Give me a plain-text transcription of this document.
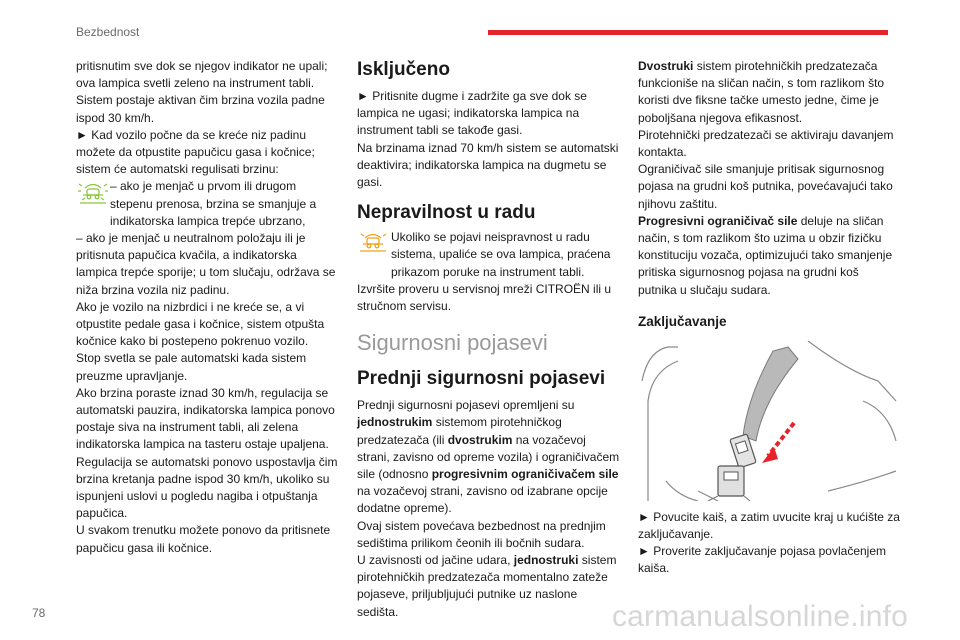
Bezbednost

pritisnutim sve dok se njegov indikator ne upali; ova lampica svetli zeleno na instrument tabli.

Sistem postaje aktivan čim brzina vozila padne ispod 30 km/h.

► Kad vozilo počne da se kreće niz padinu možete da otpustite papučicu gasa i kočnice; sistem će automatski regulisati brzinu:

– ako je menjač u prvom ili drugom stepenu prenosa, brzina se smanjuje a indikatorska lampica trepće ubrzano,

– ako je menjač u neutralnom položaju ili je pritisnuta papučica kvačila, a indikatorska lampica trepće sporije; u tom slučaju, održava se niža brzina vozila niz padinu.

Ako je vozilo na nizbrdici i ne kreće se, a vi otpustite pedale gasa i kočnice, sistem otpušta kočnice kako bi postepeno pokrenuo vozilo.

Stop svetla se pale automatski kada sistem preuzme upravljanje.

Ako brzina poraste iznad 30 km/h, regulacija se automatski pauzira, indikatorska lampica ponovo postaje siva na instrument tabli, ali zelena indikatorska lampica na tasteru ostaje upaljena.

Regulacija se automatski ponovo uspostavlja čim brzina kretanja padne ispod 30 km/h, ukoliko su ispunjeni uslovi u pogledu nagiba i otpuštanja papučica.

U svakom trenutku možete ponovo da pritisnete papučicu gasa ili kočnice.

Isključeno

► Pritisnite dugme i zadržite ga sve dok se lampica ne ugasi; indikatorska lampica na instrument tabli se takođe gasi.

Na brzinama iznad 70 km/h sistem se automatski deaktivira; indikatorska lampica na dugmetu se gasi.

Nepravilnost u radu

Ukoliko se pojavi neispravnost u radu sistema, upaliće se ova lampica, praćena prikazom poruke na instrument tabli.

Izvršite proveru u servisnoj mreži CITROËN ili u stručnom servisu.

Sigurnosni pojasevi
Prednji sigurnosni pojasevi

Prednji sigurnosni pojasevi opremljeni su jednostrukim sistemom pirotehničkog predzatezača (ili dvostrukim na vozačevoj strani, zavisno od opreme vozila) i ograničivačem sile (odnosno progresivnim ograničivačem sile na vozačevoj strani, zavisno od izabrane opcije dodatne opreme).

Ovaj sistem povećava bezbednost na prednjim sedištima prilikom čeonih ili bočnih sudara.

U zavisnosti od jačine udara, jednostruki sistem pirotehničkih predzatezača momentalno zateže pojaseve, priljubljujući putnike uz naslone sedišta.

Dvostruki sistem pirotehničkih predzatezača funkcioniše na sličan način, s tom razlikom što koristi dve fiksne tačke umesto jedne, čime je poboljšana njegova efikasnost.

Pirotehnički predzatezači se aktiviraju davanjem kontakta.

Ograničivač sile smanjuje pritisak sigurnosnog pojasa na grudni koš putnika, povećavajući tako njihovu zaštitu.

Progresivni ograničivač sile deluje na sličan način, s tom razlikom što uzima u obzir fizičku konstituciju vozača, optimizujući tako smanjenje pritiska sigurnosnog pojasa na grudni koš putnika u slučaju sudara.

Zaključavanje

► Povucite kaiš, a zatim uvucite kraj u kućište za zaključavanje.

► Proverite zaključavanje pojasa povlačenjem kaiša.

78	carmanualsonline.info
